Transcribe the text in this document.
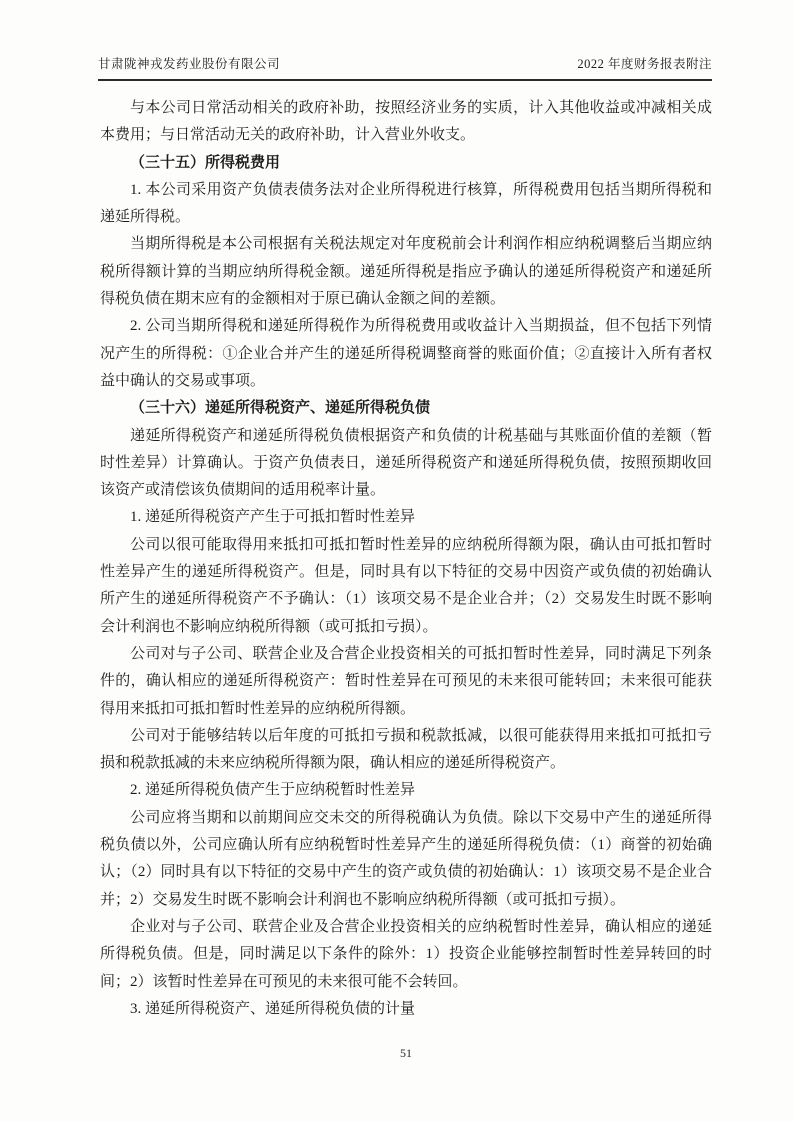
甘肃陇神戎发药业股份有限公司	2022 年度财务报表附注

与本公司日常活动相关的政府补助，按照经济业务的实质，计入其他收益或冲减相关成本费用；与日常活动无关的政府补助，计入营业外收支。

（三十五）所得税费用

1. 本公司采用资产负债表债务法对企业所得税进行核算，所得税费用包括当期所得税和递延所得税。

当期所得税是本公司根据有关税法规定对年度税前会计利润作相应纳税调整后当期应纳税所得额计算的当期应纳所得税金额。递延所得税是指应予确认的递延所得税资产和递延所得税负债在期末应有的金额相对于原已确认金额之间的差额。

2. 公司当期所得税和递延所得税作为所得税费用或收益计入当期损益，但不包括下列情况产生的所得税：①企业合并产生的递延所得税调整商誉的账面价值；②直接计入所有者权益中确认的交易或事项。

（三十六）递延所得税资产、递延所得税负债

递延所得税资产和递延所得税负债根据资产和负债的计税基础与其账面价值的差额（暂时性差异）计算确认。于资产负债表日，递延所得税资产和递延所得税负债，按照预期收回该资产或清偿该负债期间的适用税率计量。

1. 递延所得税资产产生于可抵扣暂时性差异

公司以很可能取得用来抵扣可抵扣暂时性差异的应纳税所得额为限，确认由可抵扣暂时性差异产生的递延所得税资产。但是，同时具有以下特征的交易中因资产或负债的初始确认所产生的递延所得税资产不予确认：（1）该项交易不是企业合并；（2）交易发生时既不影响会计利润也不影响应纳税所得额（或可抵扣亏损）。

公司对与子公司、联营企业及合营企业投资相关的可抵扣暂时性差异，同时满足下列条件的，确认相应的递延所得税资产：暂时性差异在可预见的未来很可能转回；未来很可能获得用来抵扣可抵扣暂时性差异的应纳税所得额。

公司对于能够结转以后年度的可抵扣亏损和税款抵减，以很可能获得用来抵扣可抵扣亏损和税款抵减的未来应纳税所得额为限，确认相应的递延所得税资产。

2. 递延所得税负债产生于应纳税暂时性差异

公司应将当期和以前期间应交未交的所得税确认为负债。除以下交易中产生的递延所得税负债以外，公司应确认所有应纳税暂时性差异产生的递延所得税负债：（1）商誉的初始确认；（2）同时具有以下特征的交易中产生的资产或负债的初始确认：1）该项交易不是企业合并；2）交易发生时既不影响会计利润也不影响应纳税所得额（或可抵扣亏损）。

企业对与子公司、联营企业及合营企业投资相关的应纳税暂时性差异，确认相应的递延所得税负债。但是，同时满足以下条件的除外：1）投资企业能够控制暂时性差异转回的时间；2）该暂时性差异在可预见的未来很可能不会转回。

3. 递延所得税资产、递延所得税负债的计量

51
